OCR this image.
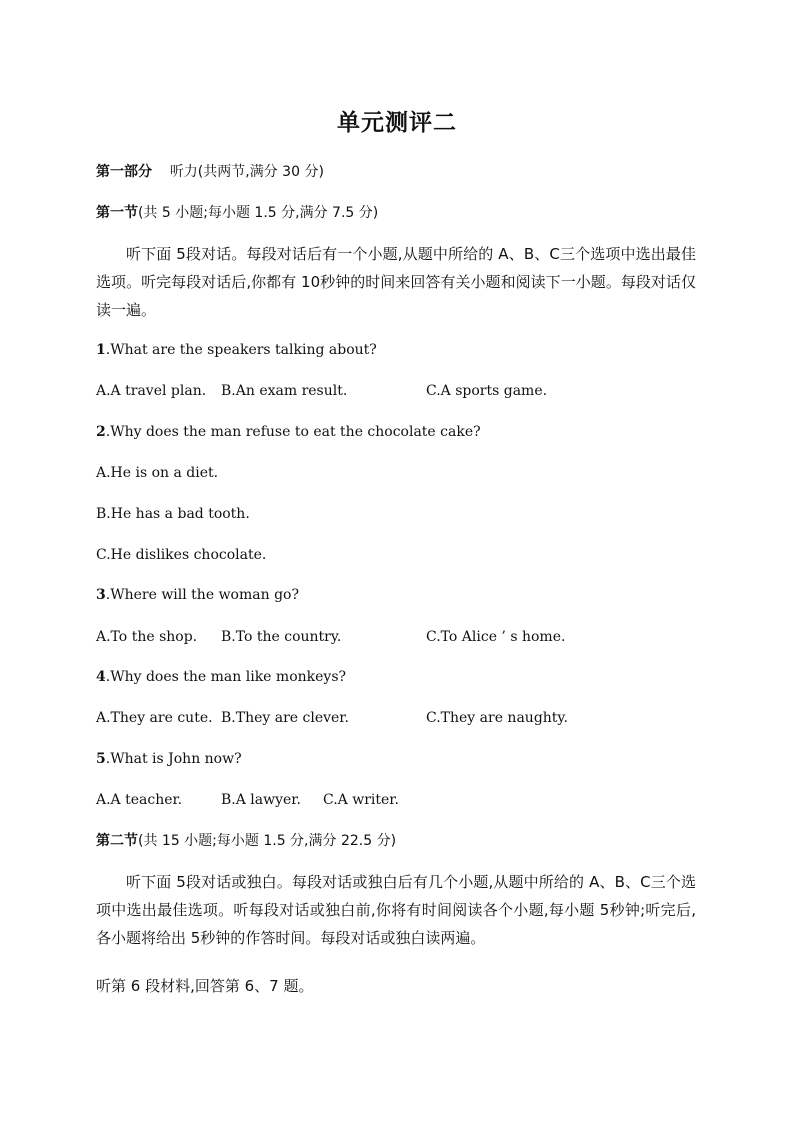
单元测评二
第一部分 听力(共两节,满分 30 分)
第一节(共 5 小题;每小题 1.5 分,满分 7.5 分)
听下面 5段对话。每段对话后有一个小题,从题中所给的 A、B、C三个选项中选出最佳选项。听完每段对话后,你都有 10秒钟的时间来回答有关小题和阅读下一小题。每段对话仅读一遍。
1.What are the speakers talking about?
A.A travel plan. B.An exam result.	C.A sports game.
2.Why does the man refuse to eat the chocolate cake?
A.He is on a diet.
B.He has a bad tooth.
C.He dislikes chocolate.
3.Where will the woman go?
A.To the shop. B.To the country.	C.To Alice ’ s home.
4.Why does the man like monkeys?
A.They are cute. B.They are clever.	C.They are naughty.
5.What is John now?
A.A teacher.	B.A lawyer. C.A writer.
第二节(共 15 小题;每小题 1.5 分,满分 22.5 分)
听下面 5段对话或独白。每段对话或独白后有几个小题,从题中所给的 A、B、C三个选项中选出最佳选项。听每段对话或独白前,你将有时间阅读各个小题,每小题 5秒钟;听完后,各小题将给出 5秒钟的作答时间。每段对话或独白读两遍。
听第 6 段材料,回答第 6、7 题。
